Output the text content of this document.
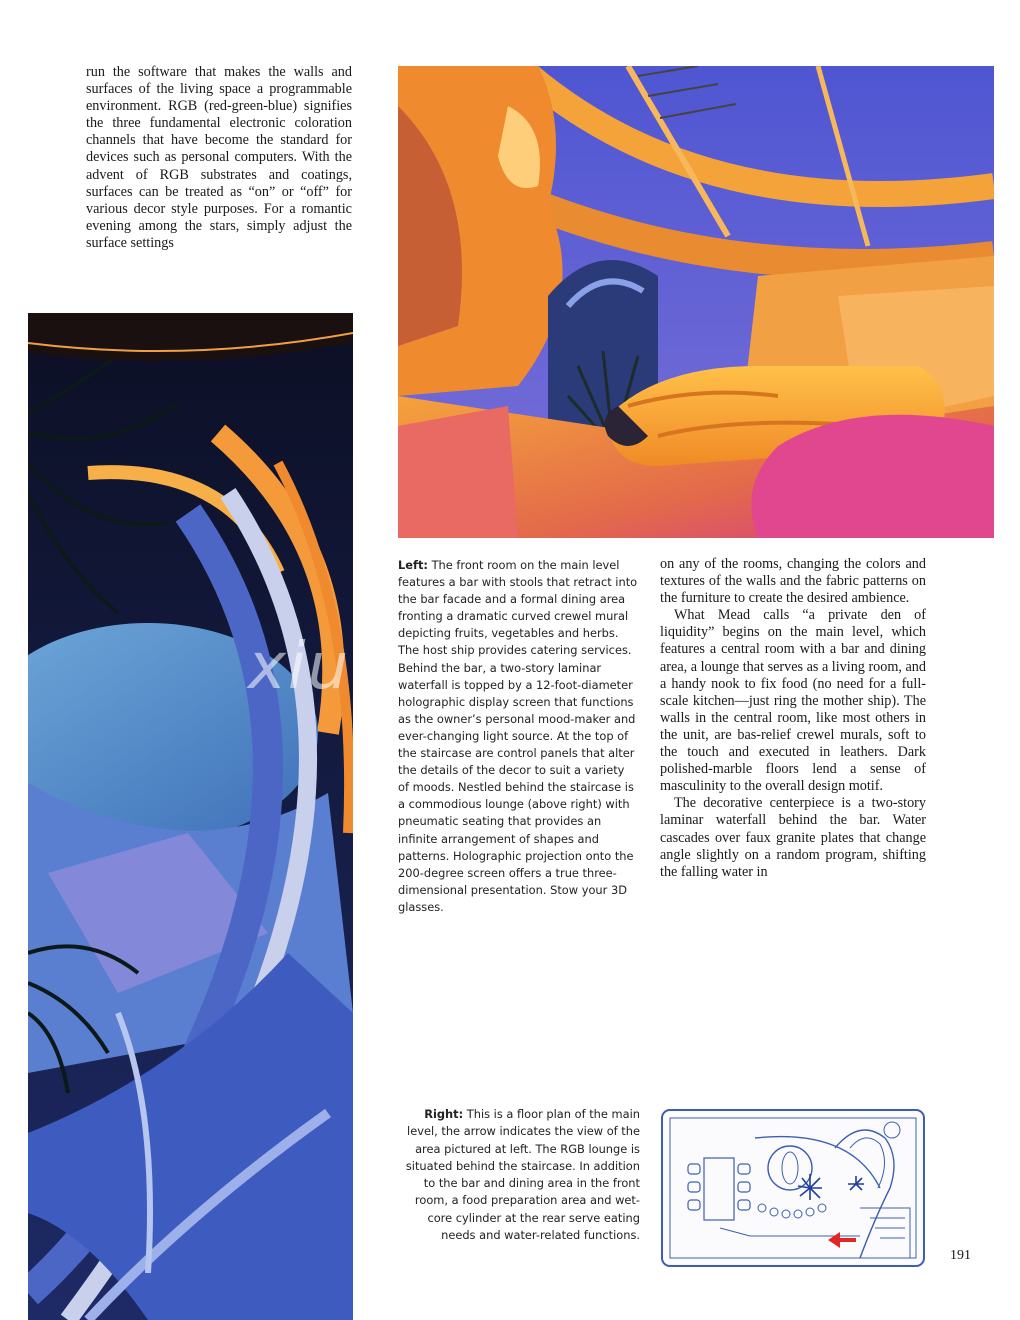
run the software that makes the walls and surfaces of the living space a programmable environment. RGB (red-green-blue) signifies the three fundamental electronic coloration channels that have become the standard for devices such as personal computers. With the advent of RGB substrates and coatings, surfaces can be treated as “on” or “off” for various decor style purposes. For a romantic evening among the stars, simply adjust the surface settings

xiu
Left: The front room on the main level features a bar with stools that retract into the bar facade and a formal dining area fronting a dramatic curved crewel mural depicting fruits, vegetables and herbs. The host ship provides catering services. Behind the bar, a two-story laminar waterfall is topped by a 12-foot-diameter holographic display screen that functions as the owner’s personal mood-maker and ever-changing light source. At the top of the staircase are control panels that alter the details of the decor to suit a variety of moods. Nestled behind the staircase is a commodious lounge (above right) with pneumatic seating that provides an infinite arrangement of shapes and patterns. Holographic projection onto the 200-degree screen offers a true three-dimensional presentation. Stow your 3D glasses.

on any of the rooms, changing the colors and textures of the walls and the fabric patterns on the furniture to create the desired ambience.

What Mead calls “a private den of liquidity” begins on the main level, which features a central room with a bar and dining area, a lounge that serves as a living room, and a handy nook to fix food (no need for a full-scale kitchen—just ring the mother ship). The walls in the central room, like most others in the unit, are bas-relief crewel murals, soft to the touch and executed in leathers. Dark polished-marble floors lend a sense of masculinity to the overall design motif.

The decorative centerpiece is a two-story laminar waterfall behind the bar. Water cascades over faux granite plates that change angle slightly on a random program, shifting the falling water in

Right: This is a floor plan of the main level, the arrow indicates the view of the area pictured at left. The RGB lounge is situated behind the staircase. In addition to the bar and dining area in the front room, a food preparation area and wet-core cylinder at the rear serve eating needs and water-related functions.
191
